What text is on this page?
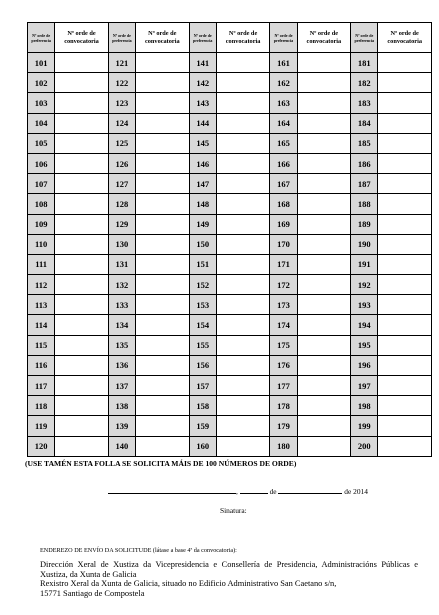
Nº orde de preferencia	Nº orde de convocatoria	Nº orde de preferencia	Nº orde de convocatoria	Nº orde de preferencia	Nº orde de convocatoria	Nº orde de preferencia	Nº orde de convocatoria	Nº orde de preferencia	Nº orde de convocatoria
101		121		141		161		181	
102		122		142		162		182	
103		123		143		163		183	
104		124		144		164		184	
105		125		145		165		185	
106		126		146		166		186	
107		127		147		167		187	
108		128		148		168		188	
109		129		149		169		189	
110		130		150		170		190	
111		131		151		171		191	
112		132		152		172		192	
113		133		153		173		193	
114		134		154		174		194	
115		135		155		175		195	
116		136		156		176		196	
117		137		157		177		197	
118		138		158		178		198	
119		139		159		179		199	
120		140		160		180		200	
(USE TAMÉN ESTA FOLLA SE SOLICITA MÁIS DE 100 NÚMEROS DE ORDE)
,	de	de 2014
Sinatura:
ENDEREZO DE ENVÍO DA SOLICITUDE (látase a base 4ª da convocatoria):
Dirección Xeral de Xustiza da Vicepresidencia e Consellería de Presidencia, Administracións Públicas e Xustiza, da Xunta de Galicia
Rexistro Xeral da Xunta de Galicia, situado no Edificio Administrativo San Caetano s/n,
15771 Santiago de Compostela
